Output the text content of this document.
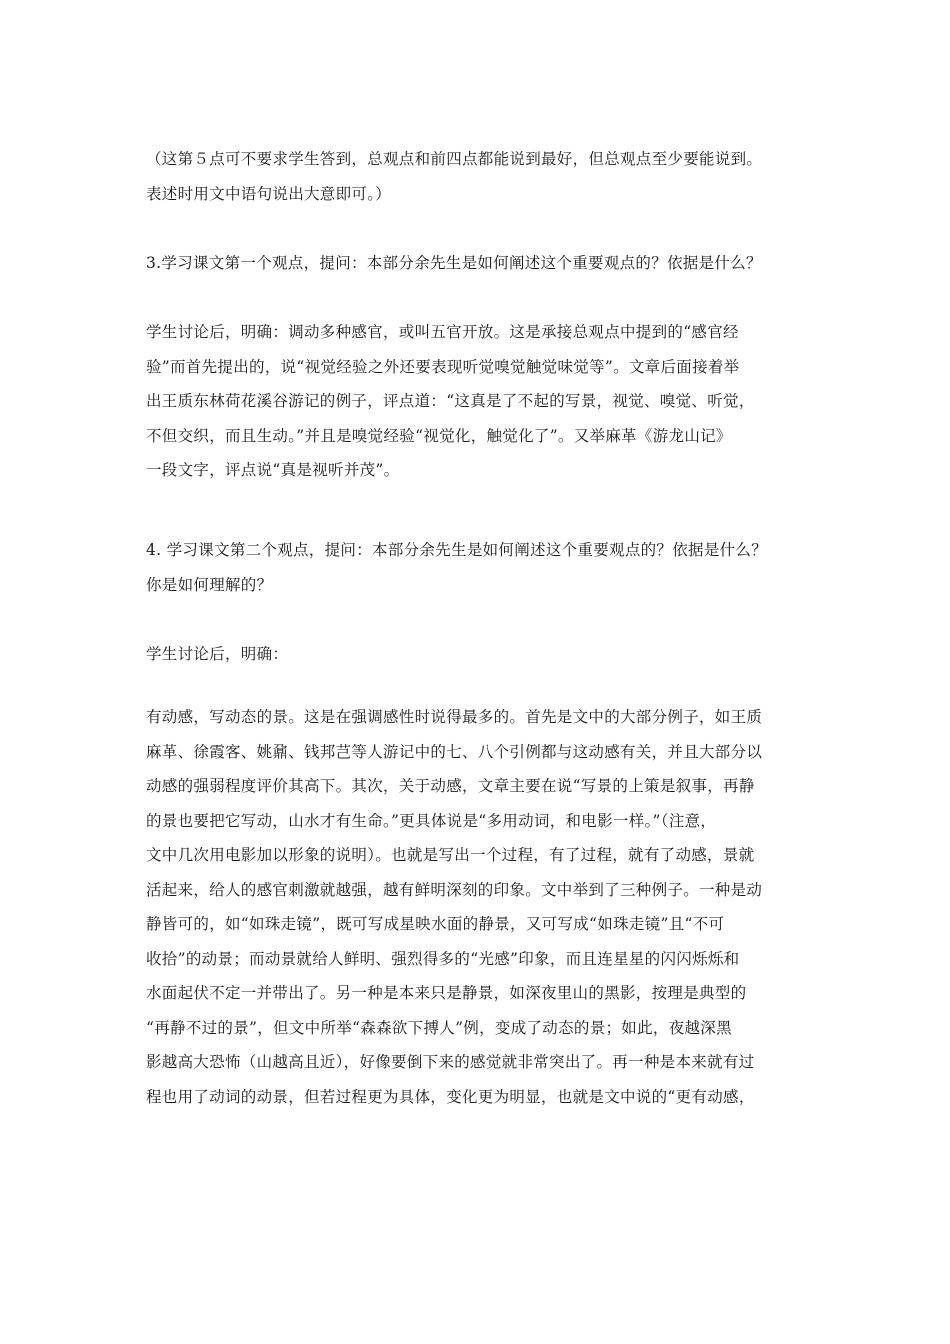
（这第５点可不要求学生答到，总观点和前四点都能说到最好，但总观点至少要能说到。
表述时用文中语句说出大意即可。）
3.学习课文第一个观点，提问：本部分余先生是如何阐述这个重要观点的？依据是什么？
学生讨论后，明确：调动多种感官，或叫五官开放。这是承接总观点中提到的“感官经
验”而首先提出的，说“视觉经验之外还要表现听觉嗅觉触觉味觉等”。文章后面接着举
出王质东林荷花溪谷游记的例子，评点道：“这真是了不起的写景，视觉、嗅觉、听觉，
不但交织，而且生动。”并且是嗅觉经验“视觉化，触觉化了”。又举麻革《游龙山记》
一段文字，评点说“真是视听并茂”。
4. 学习课文第二个观点，提问：本部分余先生是如何阐述这个重要观点的？依据是什么？
你是如何理解的？
学生讨论后，明确：
有动感，写动态的景。这是在强调感性时说得最多的。首先是文中的大部分例子，如王质
麻革、徐霞客、姚鼐、钱邦芑等人游记中的七、八个引例都与这动感有关，并且大部分以
动感的强弱程度评价其高下。其次，关于动感，文章主要在说“写景的上策是叙事，再静
的景也要把它写动，山水才有生命。”更具体说是“多用动词，和电影一样。”（注意，
文中几次用电影加以形象的说明）。也就是写出一个过程，有了过程，就有了动感，景就
活起来，给人的感官刺激就越强，越有鲜明深刻的印象。文中举到了三种例子。一种是动
静皆可的，如“如珠走镜”，既可写成星映水面的静景，又可写成“如珠走镜”且“不可
收拾”的动景；而动景就给人鲜明、强烈得多的“光感”印象，而且连星星的闪闪烁烁和
水面起伏不定一并带出了。另一种是本来只是静景，如深夜里山的黑影，按理是典型的
“再静不过的景”，但文中所举“森森欲下搏人”例，变成了动态的景；如此，夜越深黑
影越高大恐怖（山越高且近），好像要倒下来的感觉就非常突出了。再一种是本来就有过
程也用了动词的动景，但若过程更为具体，变化更为明显，也就是文中说的“更有动感，
